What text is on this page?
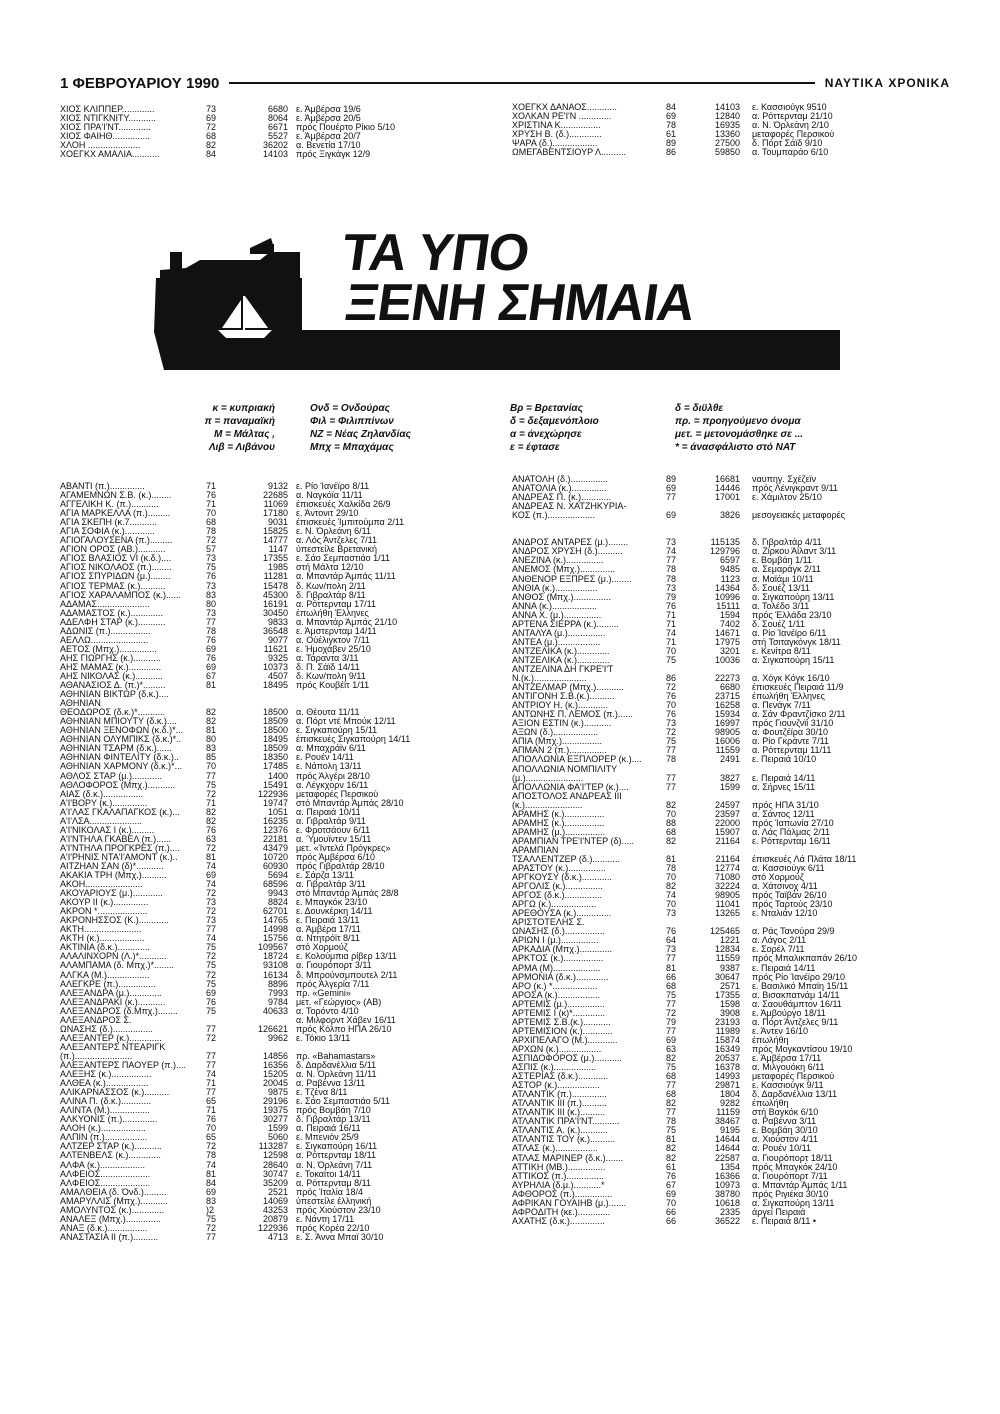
1 ΦΕΒΡΟΥΑΡΙΟΥ 1990	ΝΑΥΤΙΚΑ ΧΡΟΝΙΚΑ
ΧΙΟΣ ΚΛΙΠΠΕΡ.............	73	6680 ε. Άμβέρσα 19/6
ΧΙΟΣ ΝΤΙΓΚΝΙΤΥ...........	69	8064 ε. Άμβέρσα 20/5
ΧΙΟΣ ΠΡΑ'Ι'ΝΤ.............	72	6671 πρός Πουέρτο Ρίκιο 5/10
ΧΙΟΣ ΦΑΙΗΘ...............	68	5527 ε. Άμβέρσα 20/7
ΧΛΟΗ .....................	82	36202 α. Βενετία 17/10
ΧΟΕΓΚΧ ΑΜΑΛΙΑ...........	84	14103 πρός Ξιγκάγκ 12/9
ΧΟΕΓΚΧ ΔΑΝΑΟΣ............	84	14103 ε. Κασσιούγκ 9510
ΧΟΛΚΑΝ ΡΕ'Ι'Ν .............	69	12840 α. Ρόττερνταμ 21/10
ΧΡΙΣΤΙΝΑ Κ................	78	16935 α. Ν. Όρλεάνη 2/10
ΧΡΥΣΗ Β. (δ.).............	61	13360 μεταφορές Περσικού
ΨΑΡΑ (δ.)..................	89	27500 δ. Πόρτ Σάϊδ 9/10
ΩΜΕΓΑΒΕΝΤΣΙΟΥΡ Λ..........	86	59850 α. Τουμπαράο 6/10
ΤΑ ΥΠΟ
ΞΕΝΗ ΣΗΜΑΙΑ
κ = κυπριακή
π = παναμαϊκή
Μ = Μάλτας ,
Λιβ = Λιβάνου
Ονδ = Ονδούρας
Φιλ = Φιλιππίνων
ΝΖ = Νέας Ζηλανδίας
Μπχ = Μπαχάμας
Βρ = Βρετανίας
δ = δεξαμενόπλοιο
α = άνεχώρησε
ε = έφτασε
δ = διϋλθε
πρ. = προηγούμενο όνομα
μετ. = μετονομάσθηκε σε ...
* = άνασφάλιστο στό ΝΑΤ
ΑΒΑΝΤΙ (π.)..............	71	9132 ε. Ρίο Ίανέϊρο 8/11
ΑΓΑΜΕΜΝΩΝ Σ.Β. (κ.)........	76	22685 α. Ναγκόϊα 11/11
ΑΓΓΕΛΙΚΗ Κ. (π.)...........	71	11069 έπισκευές Χαλκίδα 26/9
ΑΓΙΑ ΜΑΡΚΕΛΛΑ (π.).........	70	17180 ε. Άντονιτ 29/10
ΑΓΙΑ ΣΚΕΠΗ (κ.7...........	68	9031 έπισκευές Ίμπιτούμπα 2/11
ΑΓΙΑ ΣΟΦΙΑ (κ.)............	78	15825 ε. Ν. Όρλεάνη 6/11
ΑΓΙΟΓΑΛΟΥΣΕΝΑ (π.).........	72	14777 α. Λός Άντζελες 7/11
ΑΓΙΟΝ ΟΡΟΣ (ΑΒ.)...........	57	1147 ύπεστείλε Βρετανική
ΑΓΙΟΣ ΒΛΑΣΙΟΣ VI (κ.δ.)....	73	17355 ε. Σάο Σεμπαστιάο 1/11
ΑΓΙΟΣ ΝΙΚΟΛΑΟΣ (π.)........	75	1985 στή Μάλτα 12/10
ΑΓΙΟΣ ΣΠΥΡΙΔΩΝ (μ.)........	76	11281 α. Μπαντάρ Άμπάς 11/11
ΑΓΙΟΣ ΤΕΡΜΑΣ (κ.)..........	73	15478 δ. Κων/πολη 2/11
ΑΓΙΟΣ ΧΑΡΑΛΑΜΠΟΣ (κ.)......	83	45300 δ. Γιβραλτάρ 8/11
ΑΔΑΜΑΣ.....................	80	16191 α. Ρόττερνταμ 17/11
ΑΔΑΜΑΣΤΟΣ (κ.).............	73	30450 έπωλήθη Έλληνες
ΑΔΕΛΦΗ ΣΤΑΡ (κ.)...........	77	9833 α. Μπαντάρ Άμπάς 21/10
ΑΔΩΝΙΣ (π.)................	78	36548 ε. Άμστερνταμ 14/11
ΑΕΛΛΩ.......................	76	9077 α. Ούέλιγκτον 7/11
ΑΕΤΟΣ (Μπχ.)...............	69	11621 ε. Ήμοχάβεν 25/10
ΑΗΣ ΓΙΩΡΓΗΣ (κ.)...........	76	9325 α. Τάραντα 3/11
ΑΗΣ ΜΑΜΑΣ (κ.).............	69	10373 δ. Π. Σάϊδ 14/11
ΑΗΣ ΝΙΚΟΛΑΣ (κ.)...........	67	4507 δ. Κων/πολη 9/11
ΑΘΑΝΑΣΙΟΣ Δ. (π.)*.........	81	18495 πρός Κουβέϊτ 1/11
ΑΘΗΝΙΑΝ ΒΙΚΤΩΡ (δ.κ.)....
ΑΘΗΝΙΑΝ
ΘΕΟΔΩΡΟΣ (δ.κ.)*...........	82	18500 α. Θέουτα 11/11
ΑΘΗΝΙΑΝ ΜΠΙΟΥΤΥ (δ.κ.)....	82	18509 α. Πόρτ ντέ Μπούκ 12/11
ΑΘΗΝΙΑΝ ΞΕΝΟΦΩΝ (κ.δ.)*...	81	18500 ε. Σιγκαπούρη 15/11
ΑΘΗΝΙΑΝ ΟΛΥΜΠΙΚΣ (δ.κ.)*..	80	18495 έπισκευές Σιγκαπούρη 14/11
ΑΘΗΝΙΑΝ ΤΣΑΡΜ (δ.κ.)......	83	18509 α. Μπαχράϊν 6/11
ΑΘΗΝΙΑΝ ΦΙΝΤΕΛΙΤΥ (δ.κ.)..	85	18350 ε. Ρουέν 14/11
ΑΘΗΝΙΑΝ ΧΑΡΜΟΝΥ (δ.κ.)*...	70	17485 ε. Νάπολη 13/11
ΑΘΛΟΣ ΣΤΑΡ (μ.)............	77	1400 πρός Άλγέρι 28/10
ΑΘΛΟΦΟΡΟΣ (Μπχ.)...........	75	15491 α. Λέγκχορν 16/11
ΑΙΑΣ (δ.κ.)................	72	122936 μεταφορές Περσικού
Α'Ι'ΒΟΡΥ (κ.)..............	71	19747 στό Μπαντάρ Άμπάς 28/10
Α'Ι'ΛΑΣ ΓΚΑΛΑΠΑΓΚΟΣ (κ.)...	82	1051 α. Πειραιά 10/11
Α'Ι'ΛΣΑ.....................	82	16235 α. Γιβραλτάρ 9/11
Α'Ι'ΝΙΚΟΛΑΣ Ι (κ.).........	76	12376 ε. Φροτσάουν 6/11
Α'Ι'ΝΤΗΛΑ ΓΚΑΒΕΛ (π.)......	63	22181 α. Ύμουϊντεν 15/11
Α'Ι'ΝΤΗΛΑ ΠΡΟΓΚΡΕΣ (π.)....	72	43479 μετ. «Ίντελά Πρόγκρες»
Α'Ι'ΡΗΝΙΣ ΝΤΑ'Ι'ΑΜΟΝΤ (κ.)..	81	10720 πρός Άμβέρσα 6/10
ΑΙΤΖΗΑΝ ΣΑΝ (δ)*...........	74	60930 πρός Γιβραλτάρ 28/10
ΑΚΑΚΙΑ ΤΡΗ (Μπχ.)..........	69	5694 ε. Σάρζα 13/11
ΑΚΟΗ.......................	74	68596 α. Γιβραλτάρ 3/11
ΑΚΟΥΑΡΙΟΥΣ (μ.)............	72	9943 στό Μπαντάρ Άμπάς 28/8
ΑΚΟΥΡ ΙΙ (κ.)..............	73	8824 ε. Μπαγκόκ 23/10
ΑΚΡΟΝ *....................	72	62701 ε. Δουνκέρκη 14/11
ΑΚΡΟΝΗΣΣΟΣ (Κ.)............	73	14765 ε. Πειραιά 13/11
ΑΚΤΗ.......................	77	14998 α. Άμβέρα 17/11
ΑΚΤΗ (κ.)..................	74	15756 α. Ντητρόϊτ 8/11
ΑΚΤΙΝΙΑ (δ.κ.).............	75	109567 στό Χορμούζ
ΑΛΑΛΙΝΧΟΡΝ (Λ.)*...........	72	18724 ε. Κολούμπια ρίβερ 13/11
ΑΛΑΜΠΑΜΑ (δ. Μπχ.)*........	75	93108 α. Γιουρόπορτ 3/11
ΑΛΓΚΑ (Μ.).................	72	16134 δ. Μπρούνσμπουτελ 2/11
ΑΛΕΓΚΡΕ (π.)...............	75	8896 πρός Άλγερία 7/11
ΑΛΕΞΑΝΔΡΑ (μ.).............	69	7993 πρ. «Gemini»
ΑΛΕΞΑΝΔΡΑΚΙ (κ.)...........	76	9784 μετ. «Γεώργιος» (ΑΒ)
ΑΛΕΞΑΝΔΡΟΣ (δ.Μπχ.)........	75	40633 α. Τορόντο 4/10
ΑΛΕΞΑΝΔΡΟΣ Σ.	α. Μιλφορντ Χάβεν 16/11
ΩΝΑΣΗΣ (δ.)................	77	126621 πρός Κόλπο ΗΠΑ 26/10
ΑΛΕΞΑΝΤΕΡ (κ.).............	72	9962 ε. Τόκιο 13/11
ΑΛΕΞΑΝΤΕΡΣ ΝΤΕΑΡΙΓΚ
(π.).......................	77	14856 πρ. «Bahamastars»
ΑΛΕΞΑΝΤΕΡΣ ΠΑΟΥΕΡ (π.)....	77	16356 δ. Δαρδανέλλια 5/11
ΑΛΕΞΗΣ (κ.)................	74	15205 α. Ν. Όρλεάνη 11/11
ΑΛΘΕΑ (κ.).................	71	20045 α. Ραβέννα 13/11
ΑΛΙΚΑΡΝΑΣΣΟΣ (κ.)..........	77	9875 ε. Τζένα 8/11
ΑΛΙΝΑ Π. (δ.κ.)............	65	29196 ε. Σάο Σεμπαστιάο 5/11
ΑΛΙΝΤΑ (Μ.)................	71	19375 πρός Βομβάη 7/10
ΑΛΚΥΟΝΙΣ (π.)..............	76	30277 δ. Γιβραλτάρ 13/11
ΑΛΟΗ (κ.)..................	70	1599 α. Πειραιά 16/11
ΑΛΠΙΝ (π.).................	65	5060 ε. Μπενιόν 25/9
ΑΛΤΖΕΡ ΣΤΑΡ (κ.)...........	72	113287 ε. Σιγκαπούρη 16/11
ΑΛΤΕΝΒΕΛΣ (κ.).............	78	12598 α. Ρόττερνταμ 18/11
ΑΛΦΑ (κ.)..................	74	28640 α. Ν. Όρλεάνη 7/11
ΑΛΦΕΙΟΣ....................	81	30747 ε. Τοκαϊτοι 14/11
ΑΛΦΕΙΟΣ....................	84	35209 α. Ρόττερνταμ 8/11
ΑΜΑΛΘΕΙΑ (δ. Όνδ.).........	69	2521 πρός Ίταλία 18/4
ΑΜΑΡΥΛΛΙΣ (Μπχ.)...........	83	14069 ύπεστείλε έλληνική
ΑΜΟΛΥΝΤΟΣ (κ.).............	)2	43253 πρός Χιούστον 23/10
ΑΝΑΛΕΞ (Μπχ.)..............	75	20879 ε. Νάντη 17/11
ΑΝΑΞ (δ.κ.)................	72	122936 πρός Κορέα 22/10
ΑΝΑΣΤΑΣΙΑ ΙΙ (π.)..........	77	4713 ε. Σ. Άννα Μπαϊ 30/10
ΑΝΑΤΟΛΗ (δ.)...............	89	16681 ναυπηγ. Σχέζεϊν
ΑΝΑΤΟΛΙΑ (κ.)..............	69	14446 πρός Λένιγκραντ 9/11
ΑΝΔΡΕΑΣ Π. (κ.)............	77	17001 ε. Χάμιλτον 25/10
ΑΝΔΡΕΑΣ Ν. ΧΑΤΖΗΚΥΡΙΑ-
ΚΟΣ (π.)...................	69	3826 μεσογειακές μεταφορές
ΑΝΔΡΟΣ ΑΝΤΑΡΕΣ (μ.)........	73	115135 δ. Γιβραλτάρ 4/11
ΑΝΔΡΟΣ ΧΡΥΣΗ (δ.)..........	74	129796 α. Ζίρκου Άϊλαντ 3/11
ΑΝΕΖΙΝΑ (κ.)...............	77	6597 ε. Βομβάη 1/11
ΑΝΕΜΟΣ (Μπχ.)..............	78	9485 α. Σεμαράγκ 2/11
ΑΝΘΕΝΟΡ ΕΞΠΡΕΣ (μ.)........	78	1123 α. Μαϊάμι 10/11
ΑΝΘΙΑ (κ.).................	73	14364 δ. Σουέζ 13/11
ΑΝΘΟΣ (Μπχ.)...............	79	10996 α. Σιγκαπούρη 13/11
ΑΝΝΑ (κ.)..................	76	15111 α. Τολέδο 3/11
ΑΝΝΑ Χ. (μ.)...............	71	1594 πρός Έλλάδα 23/10
ΑΡΤΕΝΑ ΣΙΕΡΡΑ (κ.).........	71	7402 δ. Σουέζ 1/11
ΑΝΤΑΛΥΑ (μ.)...............	74	14671 α. Ρίο Ίανέϊρο 6/11
ΑΝΤΕΑ (μ.).................	71	17975 στή Τσιταγκόνγκ 18/11
ΑΝΤΖΕΛΙΚΑ (κ.).............	70	3201 ε. Κενίτρα 8/11
ΑΝΤΖΕΛΙΚΑ (κ.).............	75	10036 α. Σιγκαπούρη 15/11
ΑΝΤΖΕΛΙΝΑ ΔΗ ΓΚΡΕ'Ι'Τ
Ν.(κ.).....................	86	22273 α. Χόγκ Κόγκ 16/10
ΑΝΤΖΕΛΜΑΡ (Μπχ.)...........	72	6680 έπισκευές Πειραιά 11/9
ΑΝΤΙΓΟΝΗ Σ.Β.(κ.)..........	76	23715 έπωλήθη Έλληνες
ΑΝΤΡΙΟΥ Η. (κ.)............	70	16258 α. Πενάγκ 7/11
ΑΝΤΩΝΗΣ Π. ΛΕΜΟΣ (π.)......	76	15934 α. Σάν Φραντζίσκο 2/11
ΑΞΙΟΝ ΕΣΤΙΝ (κ.)...........	73	16997 πρός Γιουνζνϊί 31/10
ΑΞΩΝ (δ.)..................	72	98905 α. Φουτζέϊρα 30/10
ΑΠΙΑ (Μπχ.)................	75	16006 α. Ρίο Γκράντε 7/11
ΑΠΜΑΝ 2 (π.)...............	77	11559 α. Ρόττερνταμ 11/11
ΑΠΟΛΛΩΝΙΑ ΕΞΠΛΟΡΕΡ (κ.)....	78	2491 ε. Πειραιά 10/10
ΑΠΟΛΛΩΝΙΑ ΝΟΜΠΙΛΙΤΥ
(μ.).......................	77	3827 ε. Πειραιά 14/11
ΑΠΟΛΛΩΝΙΑ ΦΑ'Ι'ΤΕΡ (κ.)....	77	1599 α. Σήρνες 15/11
ΑΠΟΣΤΟΛΟΣ ΑΝΔΡΕΑΣ ΙΙΙ
(κ.).......................	82	24597 πρός ΗΠΑ 31/10
ΑΡΑΜΗΣ (κ.)................	70	23597 α. Σάντος 12/11
ΑΡΑΜΗΣ (κ.)................	88	22000 πρός Ίαπωνία 27/10
ΑΡΑΜΗΣ (μ.)................	68	15907 α. Λάς Πάλμας 2/11
ΑΡΑΜΠΙΑΝ ΤΡΕ'Ι'ΝΤΕΡ (δ).....	82	21164 ε. Ρόττερνταμ 16/11
ΑΡΑΜΠΙΑΝ
ΤΣΑΛΛΕΝΤΖΕΡ (δ.)...........	81	21164 έπισκευές Λά Πλάτα 18/11
ΑΡΑΣΤΟΥ (κ.)...............	78	12774 α. Κασσιούγκ 6/11
ΑΡΓΚΟΥΣΥ (δ.κ.)............	70	71080 στό Χορμούζ
ΑΡΓΟΛΙΣ (κ.)...............	82	32224 α. Χάτσινοχ 4/11
ΑΡΓΟΣ (δ.κ.)...............	74	98905 πρός Ταϊβάν 26/10
ΑΡΓΩ (κ.)..................	70	11041 πρός Ταρτούς 23/10
ΑΡΕΘΟΥΣΑ (κ.)..............	73	13265 ε. Νταλιάν 12/10
ΑΡΙΣΤΟΤΕΛΗΣ Σ.
ΩΝΑΣΗΣ (δ.)................	76	125465 α. Ράς Τανούρα 29/9
ΑΡΙΩΝ Ι (μ.)...............	64	1221 α. Λάγος 2/11
ΑΡΚΑΔΙΑ (Μπχ.).............	73	12834 ε. Σορέλ 7/11
ΑΡΚΤΟΣ (κ.)................	77	11559 πρός Μπαλικπαπάν 26/10
ΑΡΜΑ (Μ)...................	81	9387 ε. Πειραιά 14/11
ΑΡΜΟΝΙΑ (δ.κ.).............	66	30647 πρός Ρίο Ίανέϊρο 29/10
ΑΡΟ (κ.) *..................	68	2571 ε. Βασιλικό Μπαϊη 15/11
ΑΡΟΣΑ (κ.).................	75	17355 α. Βισακπατνάμ 14/11
ΑΡΤΕΜΙΣ (μ.)...............	77	1598 α. Σαουθάμπτον 16/11
ΑΡΤΕΜΙΣ Ι (κ)*.............	72	3908 ε. Άμβούργο 18/11
ΑΡΤΕΜΙΣ Σ.Β.(κ.)...........	79	23193 α. Πόρτ Άντζελες 9/11
ΑΡΤΕΜΙΣΙΟΝ (κ.)............	77	11989 ε. Άντεν 16/10
ΑΡΧΙΠΕΛΑΓΟ (Μ.)............	69	15874 έπωλήθη
ΑΡΧΩΝ (κ.).................	63	16349 πρός Μογκαντίσου 19/10
ΑΣΠΙΔΟΦΟΡΟΣ (μ.)...........	82	20537 ε. Άμβέρσα 17/11
ΑΣΠΙΣ (κ.).................	75	16378 α. Μιλγουόκη 6/11
ΑΣΤΕΡΙΑΣ (δ.κ.)............	68	14993 μεταφορές Περσικού
ΑΣΤΟΡ (κ.).................	77	29871 ε. Κασσιούγκ 9/11
ΑΤΛΑΝΤΙΚ (π.)..............	68	1804 δ. Δαρδανέλλια 13/11
ΑΤΛΑΝΤΙΚ ΙΙΙ (π.)..........	82	9282 έπωλήθη
ΑΤΛΑΝΤΙΚ ΙΙΙ (κ.)..........	77	11159 στή Βαγκόκ 6/10
ΑΤΛΑΝΤΙΚ ΠΡΑ'Ι'ΝΤ...........	78	38467 α. Ραβέννα 3/11
ΑΤΛΑΝΤΙΣ Α. (κ.)...........	75	9195 ε. Βομβάη 30/10
ΑΤΛΑΝΤΙΣ ΤΟΥ (κ.)..........	81	14644 α. Χιούστον 4/11
ΑΤΛΑΣ (κ.).................	82	14644 α. Ρουέν 10/11
ΑΤΛΑΣ ΜΑΡΙΝΕΡ (δ.κ.).......	82	22587 α. Γιουρόπορτ 18/11
ΑΤΤΙΚΗ (ΜΒ.)...............	61	1354 πρός Μπαγκόκ 24/10
ΑΤΤΙΚΟΣ (π.)...............	76	16366 α. Γιουρόπορτ 7/11
ΑΥΡΗΛΙΑ (δ.μ.)...........*	67	10973 α. Μπαντάρ Άμπάς 1/11
ΑΦΘΟΡΟΣ (π.)...............	69	38780 πρός Ριγιέκα 30/10
ΑΦΡΙΚΑΝ ΓΟΥΑΙΗΒ (μ.).......	70	10618 α. Σιγκαπούρη 13/11
ΑΦΡΟΔΙΤΗ (κε.).............	66	2335 άργεί Πειραιά
ΑΧΑΤΗΣ (δ.κ.)..............	66	36522 ε. Πειραιά 8/11 •
